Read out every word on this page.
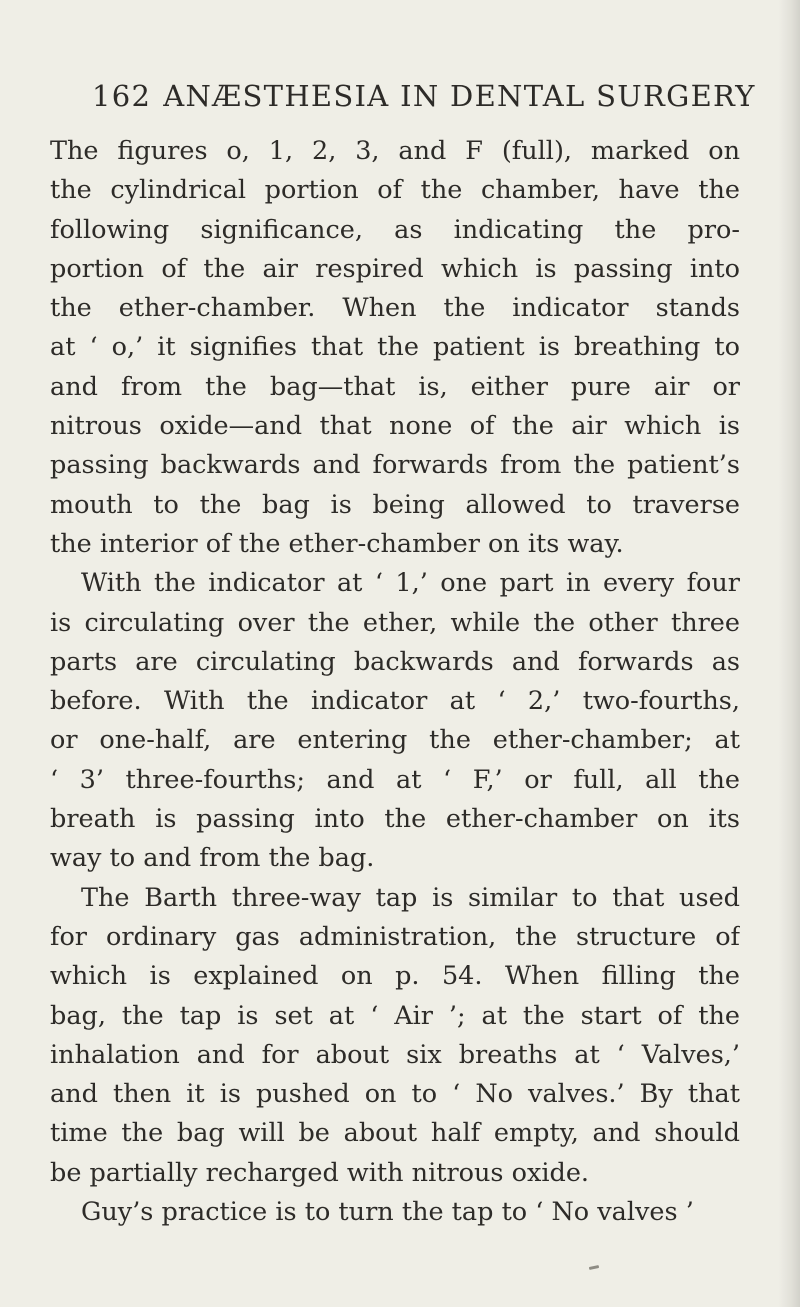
162 ANÆSTHESIA IN DENTAL SURGERY
The figures o, 1, 2, 3, and F (full), marked on
the cylindrical portion of the chamber, have the
following significance, as indicating the pro-
portion of the air respired which is passing into
the ether-chamber. When the indicator stands
at ‘ o,’ it signifies that the patient is breathing to
and from the bag—that is, either pure air or
nitrous oxide—and that none of the air which is
passing backwards and forwards from the patient’s
mouth to the bag is being allowed to traverse
the interior of the ether-chamber on its way.
With the indicator at ‘ 1,’ one part in every four
is circulating over the ether, while the other three
parts are circulating backwards and forwards as
before. With the indicator at ‘ 2,’ two-fourths,
or one-half, are entering the ether-chamber; at
‘ 3’ three-fourths; and at ‘ F,’ or full, all the
breath is passing into the ether-chamber on its
way to and from the bag.
The Barth three-way tap is similar to that used
for ordinary gas administration, the structure of
which is explained on p. 54. When filling the
bag, the tap is set at ‘ Air ’; at the start of the
inhalation and for about six breaths at ‘ Valves,’
and then it is pushed on to ‘ No valves.’ By that
time the bag will be about half empty, and should
be partially recharged with nitrous oxide.
Guy’s practice is to turn the tap to ‘ No valves ’
